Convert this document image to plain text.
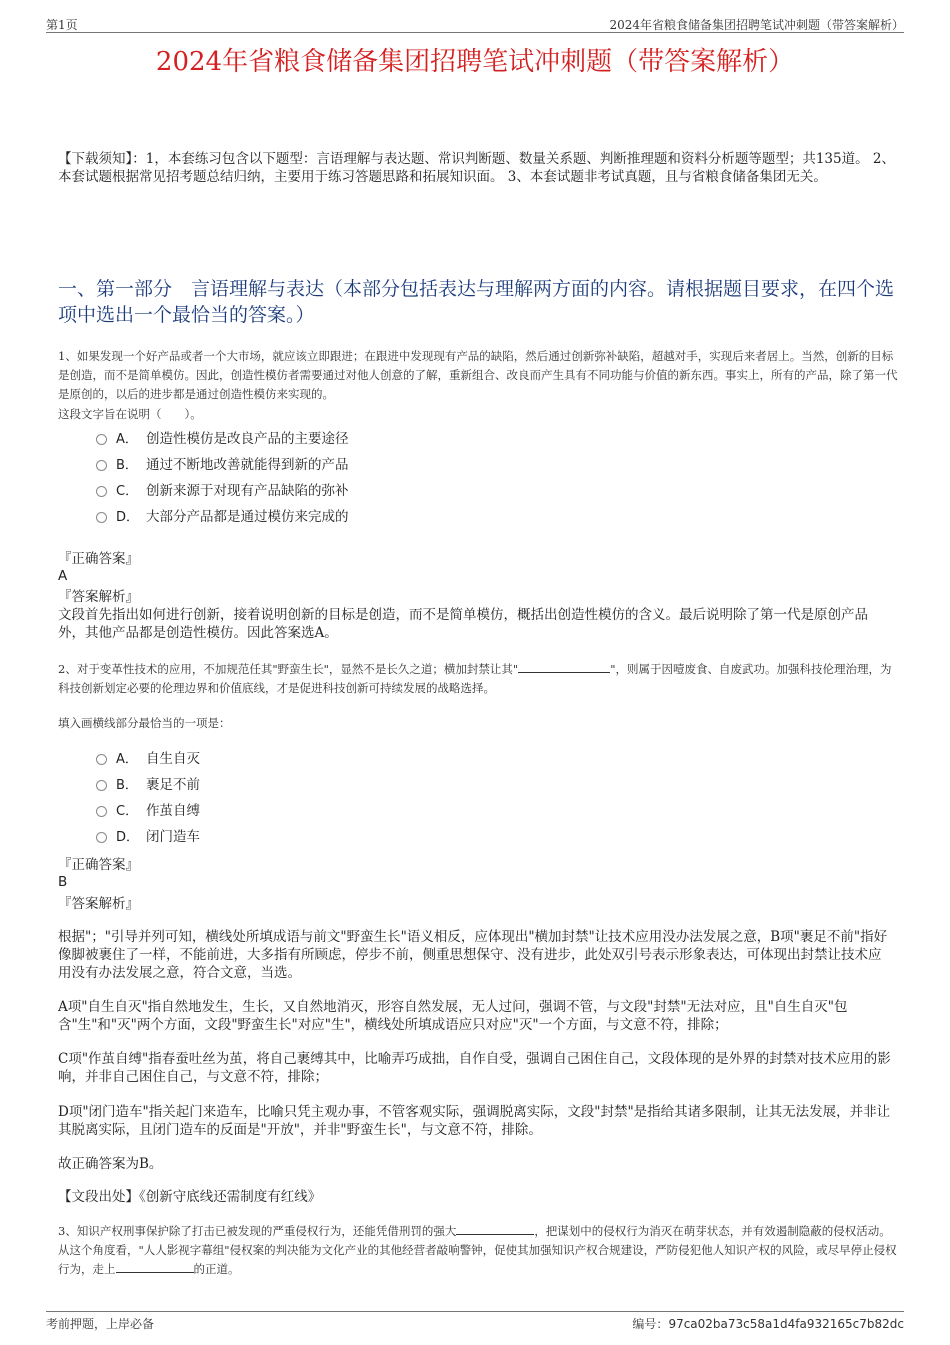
第1页	2024年省粮食储备集团招聘笔试冲刺题（带答案解析）
2024年省粮食储备集团招聘笔试冲刺题（带答案解析）
【下载须知】：1，本套练习包含以下题型：言语理解与表达题、常识判断题、数量关系题、判断推理题和资料分析题等题型；共135道。 2、本套试题根据常见招考题总结归纳，主要用于练习答题思路和拓展知识面。 3、本套试题非考试真题，且与省粮食储备集团无关。
一、第一部分　言语理解与表达（本部分包括表达与理解两方面的内容。请根据题目要求，在四个选项中选出一个最恰当的答案。）
1、如果发现一个好产品或者一个大市场，就应该立即跟进；在跟进中发现现有产品的缺陷，然后通过创新弥补缺陷，超越对手，实现后来者居上。当然，创新的目标是创造，而不是简单模仿。因此，创造性模仿者需要通过对他人创意的了解，重新组合、改良而产生具有不同功能与价值的新东西。事实上，所有的产品，除了第一代是原创的，以后的进步都是通过创造性模仿来实现的。
这段文字旨在说明（　　）。
A． 创造性模仿是改良产品的主要途径
B． 通过不断地改善就能得到新的产品
C． 创新来源于对现有产品缺陷的弥补
D． 大部分产品都是通过模仿来完成的
『正确答案』
A
『答案解析』
文段首先指出如何进行创新，接着说明创新的目标是创造，而不是简单模仿，概括出创造性模仿的含义。最后说明除了第一代是原创产品外，其他产品都是创造性模仿。因此答案选A。
2、对于变革性技术的应用，不加规范任其"野蛮生长"，显然不是长久之道；横加封禁让其"	"，则属于因噎废食、自废武功。加强科技伦理治理，为科技创新划定必要的伦理边界和价值底线，才是促进科技创新可持续发展的战略选择。
填入画横线部分最恰当的一项是：
A． 自生自灭
B． 裹足不前
C． 作茧自缚
D． 闭门造车
『正确答案』
B
『答案解析』
根据"；"引导并列可知，横线处所填成语与前文"野蛮生长"语义相反，应体现出"横加封禁"让技术应用没办法发展之意，B项"裹足不前"指好像脚被裹住了一样，不能前进，大多指有所顾虑，停步不前，侧重思想保守、没有进步，此处双引号表示形象表达，可体现出封禁让技术应用没有办法发展之意，符合文意，当选。
A项"自生自灭"指自然地发生，生长，又自然地消灭，形容自然发展，无人过问，强调不管，与文段"封禁"无法对应，且"自生自灭"包含"生"和"灭"两个方面，文段"野蛮生长"对应"生"，横线处所填成语应只对应"灭"一个方面，与文意不符，排除；
C项"作茧自缚"指春蚕吐丝为茧，将自己裹缚其中，比喻弄巧成拙，自作自受，强调自己困住自己，文段体现的是外界的封禁对技术应用的影响，并非自己困住自己，与文意不符，排除；
D项"闭门造车"指关起门来造车，比喻只凭主观办事，不管客观实际，强调脱离实际，文段"封禁"是指给其诸多限制，让其无法发展，并非让其脱离实际，且闭门造车的反面是"开放"，并非"野蛮生长"，与文意不符，排除。
故正确答案为B。
【文段出处】《创新守底线还需制度有红线》
3、知识产权刑事保护除了打击已被发现的严重侵权行为，还能凭借刑罚的强大	，把谋划中的侵权行为消灭在萌芽状态，并有效遏制隐蔽的侵权活动。从这个角度看，"人人影视字幕组"侵权案的判决能为文化产业的其他经营者敲响警钟，促使其加强知识产权合规建设，严防侵犯他人知识产权的风险，或尽早停止侵权行为，走上	的正道。
考前押题，上岸必备	编号：97ca02ba73c58a1d4fa932165c7b82dc
